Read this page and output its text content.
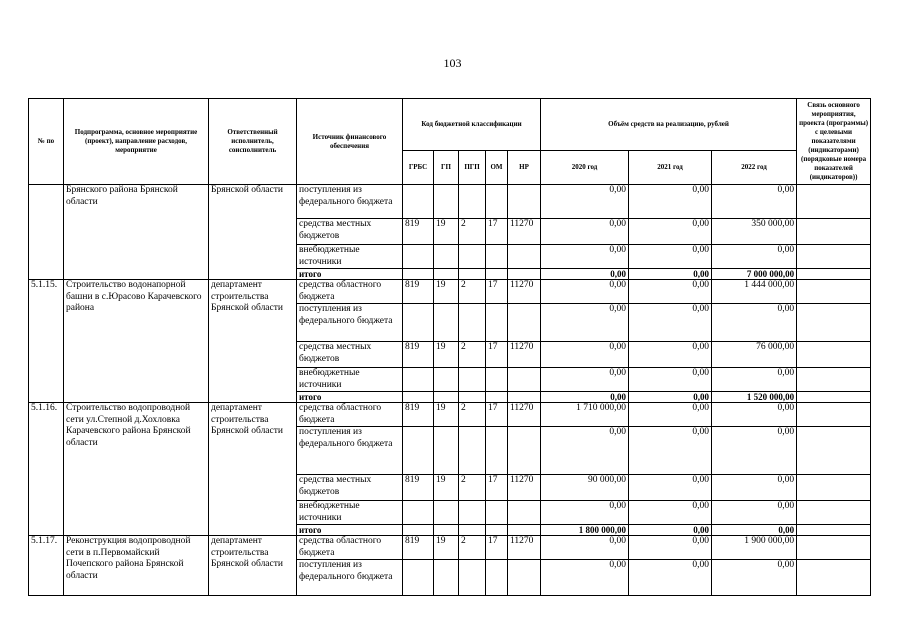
103
№ по	Подпрограмма, основное мероприятие (проект), направление расходов, мероприятие	Ответственный исполнитель, соисполнитель	Источник финансового обеспечения	Код бюджетной классификации					Объём средств на реализацию, рублей			Связь основного мероприятия, проекта (программы) с целевыми показателями (индикаторами) (порядковые номера показателей (индикаторов))
				ГРБС	ГП	ПГП	ОМ	НР	2020 год	2021 год	2022 год	
	Брянского района Брянской области	Брянской области	поступления из федерального бюджета						0,00	0,00	0,00	
			средства местных бюджетов	819	19	2	17	11270	0,00	0,00	350 000,00	
			внебюджетные источники						0,00	0,00	0,00	
			итого						0,00	0,00	7 000 000,00	
5.1.15.	Строительство водонапорной башни в с.Юрасово Карачевского района	департамент строительства Брянской области	средства областного бюджета	819	19	2	17	11270	0,00	0,00	1 444 000,00	
			поступления из федерального бюджета						0,00	0,00	0,00	
			средства местных бюджетов	819	19	2	17	11270	0,00	0,00	76 000,00	
			внебюджетные источники						0,00	0,00	0,00	
			итого						0,00	0,00	1 520 000,00	
5.1.16.	Строительство водопроводной сети ул.Степной д.Хохловка Карачевского района Брянской области	департамент строительства Брянской области	средства областного бюджета	819	19	2	17	11270	1 710 000,00	0,00	0,00	
			поступления из федерального бюджета						0,00	0,00	0,00	
			средства местных бюджетов	819	19	2	17	11270	90 000,00	0,00	0,00	
			внебюджетные источники						0,00	0,00	0,00	
			итого						1 800 000,00	0,00	0,00	
5.1.17.	Реконструкция водопроводной сети в п.Первомайский Почепского района Брянской области	департамент строительства Брянской области	средства областного бюджета	819	19	2	17	11270	0,00	0,00	1 900 000,00	
			поступления из федерального бюджета						0,00	0,00	0,00	
